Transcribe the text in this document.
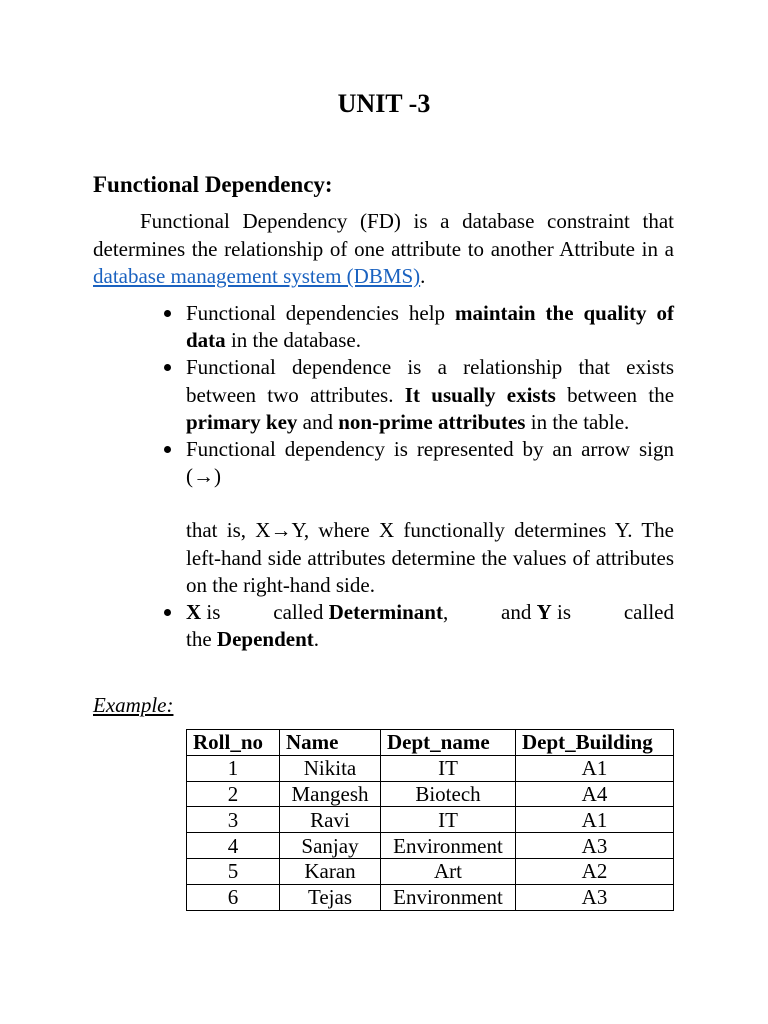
UNIT -3
Functional Dependency:

Functional Dependency (FD) is a database constraint that determines the relationship of one attribute to another Attribute in a database management system (DBMS).

Functional dependencies help maintain the quality of data in the database.
Functional dependence is a relationship that exists between two attributes. It usually exists between the primary key and non-prime attributes in the table.
Functional dependency is represented by an arrow sign (→)
that is, X→Y, where X functionally determines Y. The left-hand side attributes determine the values of attributes on the right-hand side.
X is	called Determinant,	and Y is	called
the Dependent.

Example:

Roll_no	Name	Dept_name	Dept_Building
1	Nikita	IT	A1
2	Mangesh	Biotech	A4
3	Ravi	IT	A1
4	Sanjay	Environment	A3
5	Karan	Art	A2
6	Tejas	Environment	A3
